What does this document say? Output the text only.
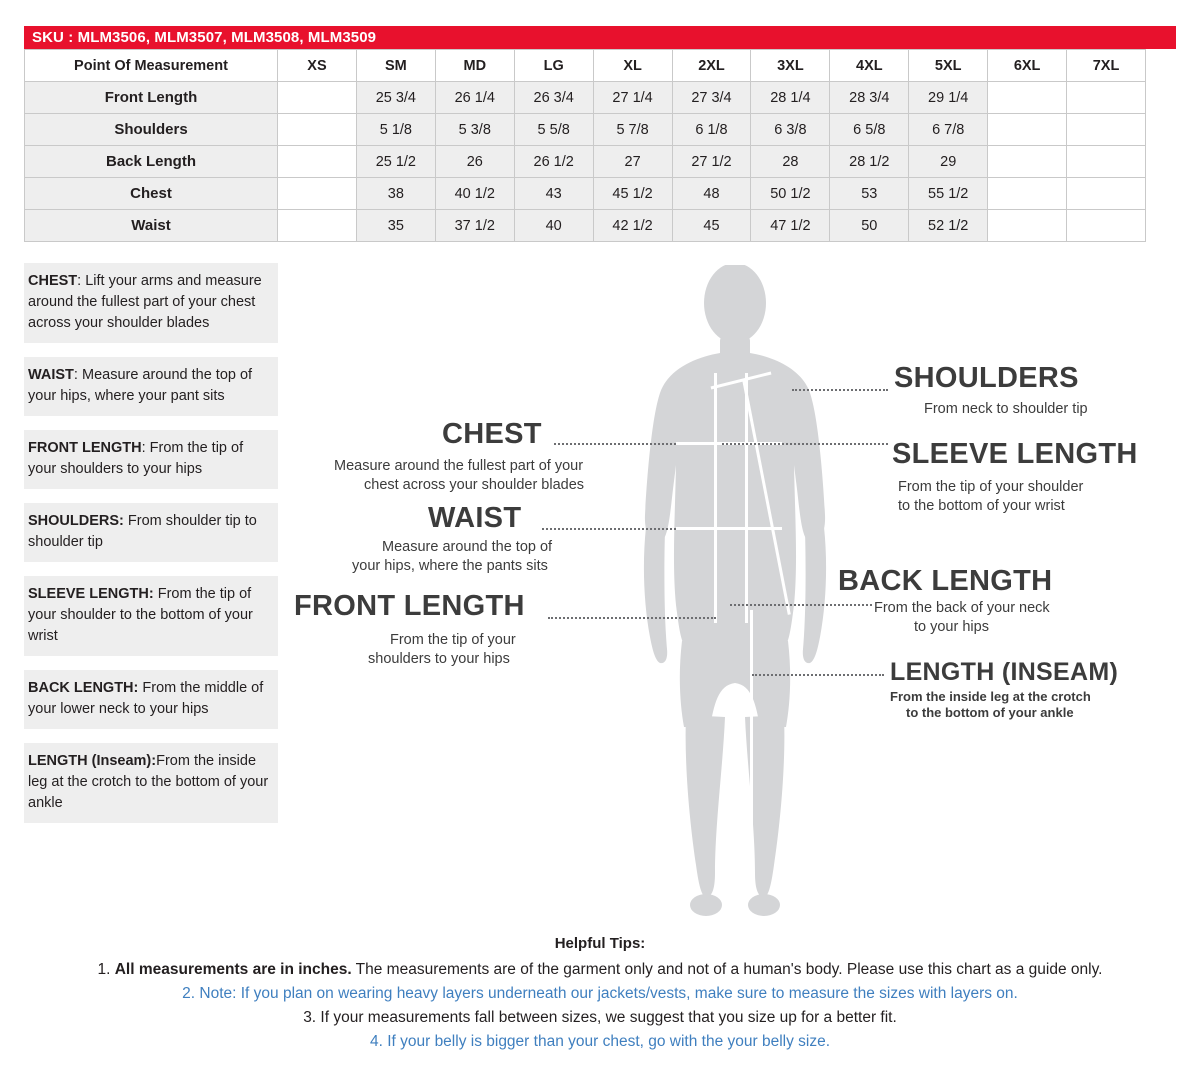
SKU : MLM3506, MLM3507, MLM3508, MLM3509
Point Of Measurement	XS	SM	MD	LG	XL	2XL	3XL	4XL	5XL	6XL	7XL
Front Length		25 3/4	26 1/4	26 3/4	27 1/4	27 3/4	28 1/4	28 3/4	29 1/4		
Shoulders		5 1/8	5 3/8	5 5/8	5 7/8	6 1/8	6 3/8	6 5/8	6 7/8		
Back Length		25 1/2	26	26 1/2	27	27 1/2	28	28 1/2	29		
Chest		38	40 1/2	43	45 1/2	48	50 1/2	53	55 1/2		
Waist		35	37 1/2	40	42 1/2	45	47 1/2	50	52 1/2		
CHEST: Lift your arms and measure around the fullest part of your chest across your shoulder blades
WAIST: Measure around the top of your hips, where your pant sits
FRONT LENGTH: From the tip of your shoulders to your hips
SHOULDERS: From shoulder tip to shoulder tip
SLEEVE LENGTH: From the tip of your shoulder to the bottom of your wrist
BACK LENGTH: From the middle of your lower neck to your hips
LENGTH (Inseam):From the inside leg at the crotch to the bottom of your ankle
CHEST
Measure around the fullest part of your
chest across your shoulder blades
WAIST
Measure around the top of
your hips, where the pants sits
FRONT LENGTH
From the tip of your
shoulders to your hips
SHOULDERS
From neck to shoulder tip
SLEEVE LENGTH
From the tip of your shoulder
to the bottom of your wrist
BACK LENGTH
From the back of your neck
to your hips
LENGTH (INSEAM)
From the inside leg at the crotch
to the bottom of your ankle
Helpful Tips:
1. All measurements are in inches. The measurements are of the garment only and not of a human's body. Please use this chart as a guide only.
2. Note: If you plan on wearing heavy layers underneath our jackets/vests, make sure to measure the sizes with layers on.
3. If your measurements fall between sizes, we suggest that you size up for a better fit.
4. If your belly is bigger than your chest, go with the your belly size.
